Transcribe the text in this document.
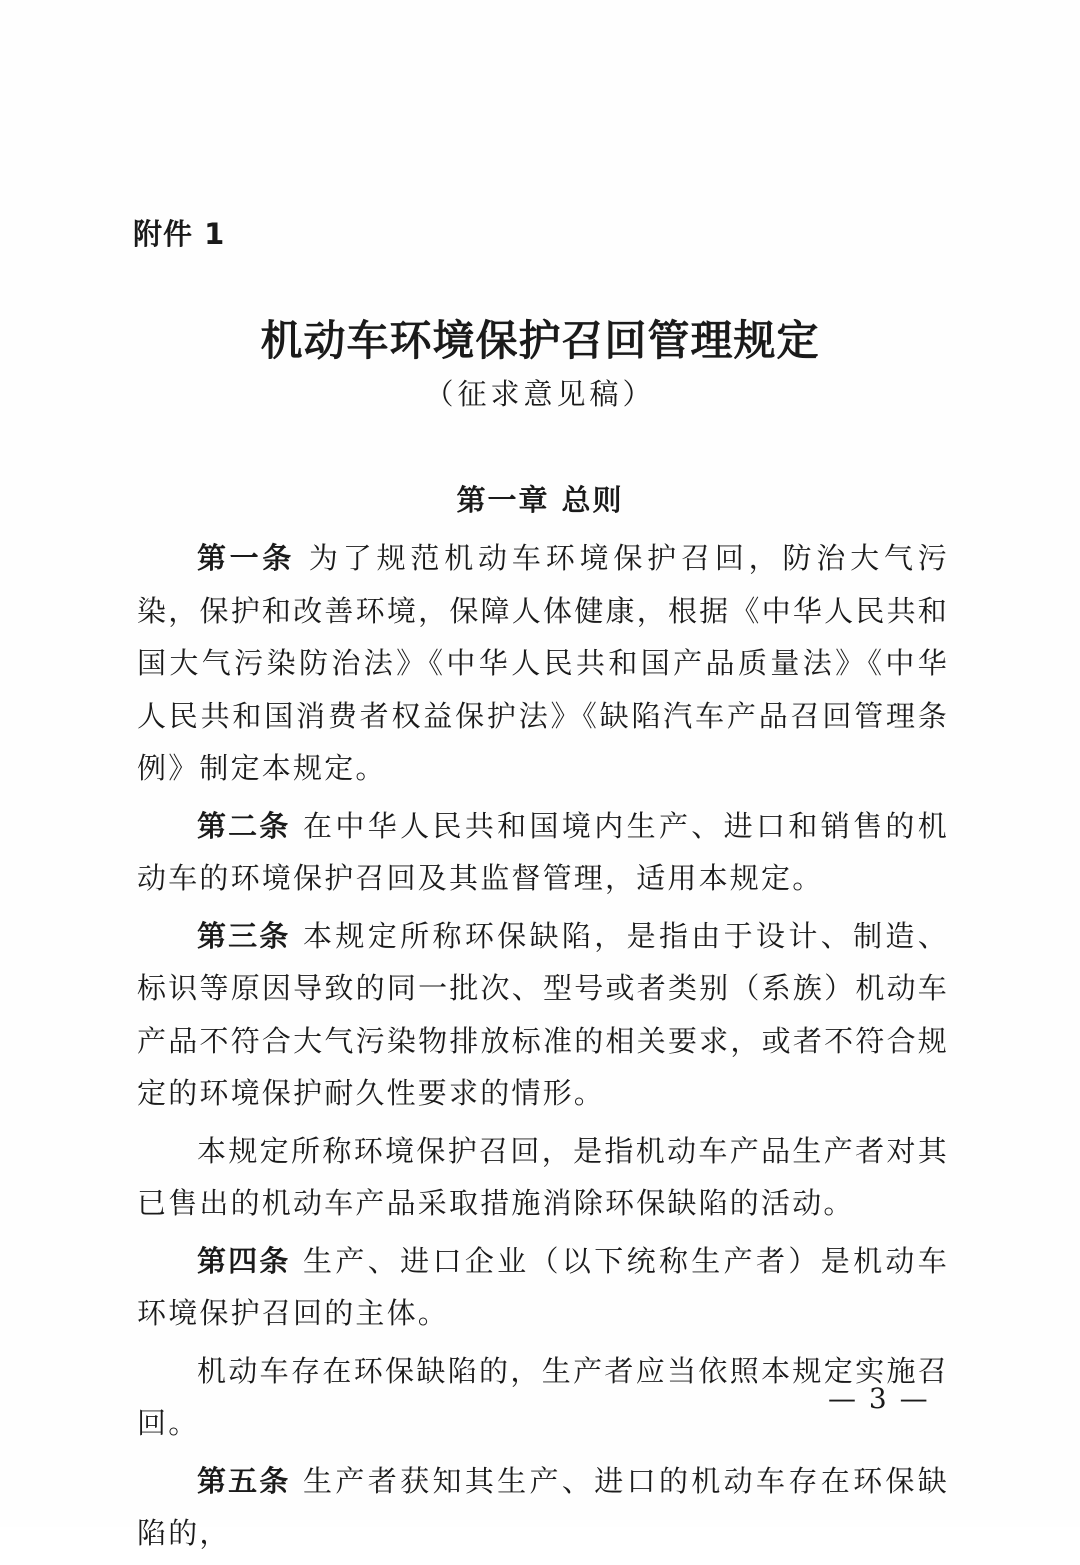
附件 1
机动车环境保护召回管理规定
（征求意见稿）
第一章 总则

第一条 为了规范机动车环境保护召回，防治大气污染，保护和改善环境，保障人体健康，根据《中华人民共和国大气污染防治法》《中华人民共和国产品质量法》《中华人民共和国消费者权益保护法》《缺陷汽车产品召回管理条例》制定本规定。

第二条 在中华人民共和国境内生产、进口和销售的机动车的环境保护召回及其监督管理，适用本规定。

第三条 本规定所称环保缺陷，是指由于设计、制造、标识等原因导致的同一批次、型号或者类别（系族）机动车产品不符合大气污染物排放标准的相关要求，或者不符合规定的环境保护耐久性要求的情形。

本规定所称环境保护召回，是指机动车产品生产者对其已售出的机动车产品采取措施消除环保缺陷的活动。

第四条 生产、进口企业（以下统称生产者）是机动车环境保护召回的主体。

机动车存在环保缺陷的，生产者应当依照本规定实施召回。

第五条 生产者获知其生产、进口的机动车存在环保缺陷的，

— 3 —
